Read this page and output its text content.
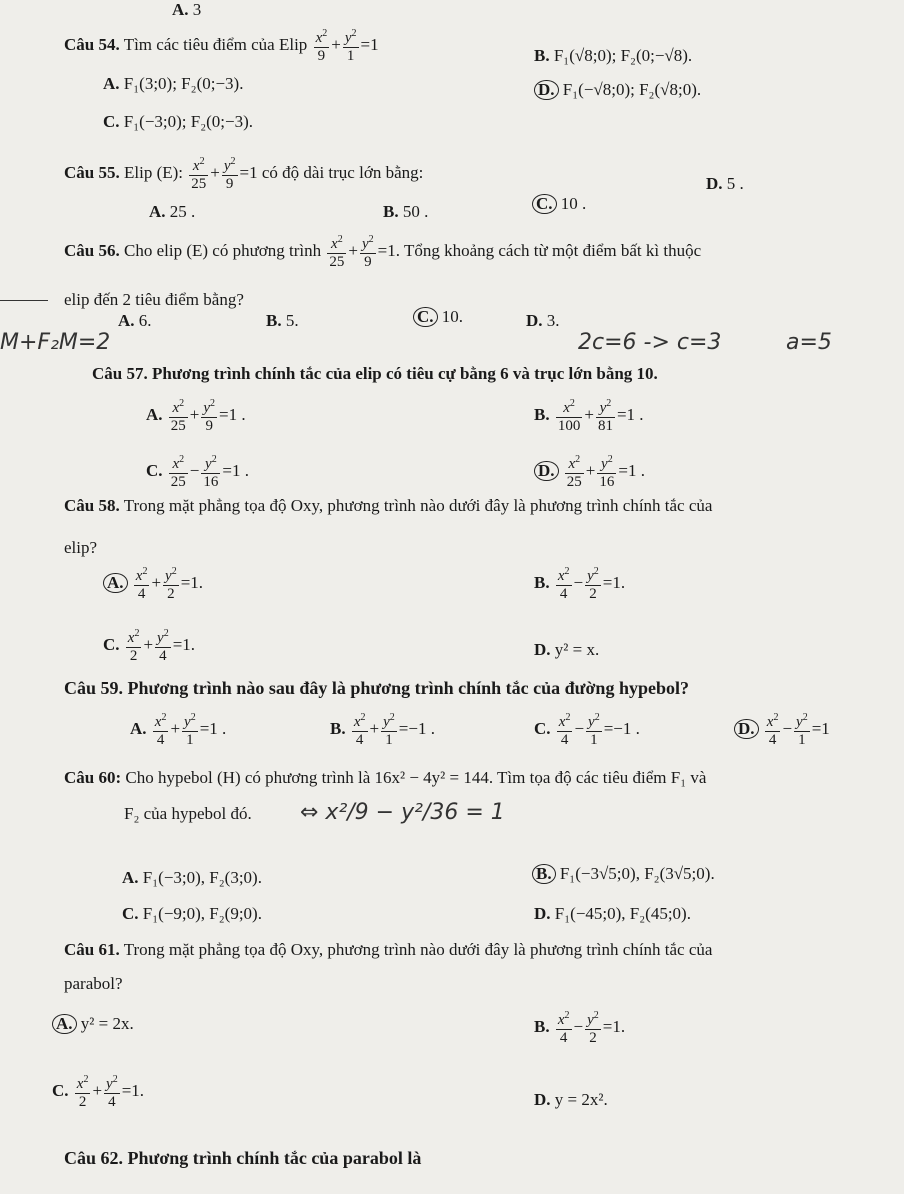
A. 3
Câu 54. Tìm các tiêu điểm của Elip $\frac{x^2}{9} + \frac{y^2}{1} =1$
B. F₁(√8;0); F₂(0;−√8).
A. F₁(3;0); F₂(0;−3).	D. F₁(−√8;0); F₂(√8;0).
C. F₁(−3;0); F₂(0;−3).
Câu 55. Elip (E): $\frac{x^2}{25} + \frac{y^2}{9} =1$ có độ dài trục lớn bằng:
D. 5 .
A. 25 .	B. 50 .	C. 10 .
Câu 56. Cho elip (E) có phương trình $\frac{x^2}{25} + \frac{y^2}{9} =1$. Tổng khoảng cách từ một điểm bất kì thuộc
elip đến 2 tiêu điểm bằng?
A. 6.	B. 5.	C. 10.	D. 3.
M+F₂M=2	2c=6 -> c=3	a=5
Câu 57. Phương trình chính tắc của elip có tiêu cự bằng 6 và trục lớn bằng 10.
A. $\frac{x^2}{25} + \frac{y^2}{9} =1$ .	B. $\frac{x^2}{100} + \frac{y^2}{81} =1$ .
C. $\frac{x^2}{25} - \frac{y^2}{16} =1$ .	D. $\frac{x^2}{25} + \frac{y^2}{16} =1$ .
Câu 58. Trong mặt phẳng tọa độ Oxy, phương trình nào dưới đây là phương trình chính tắc của
elip?
A. $\frac{x^2}{4} + \frac{y^2}{2} =1$.	B. $\frac{x^2}{4} - \frac{y^2}{2} =1$.
C. $\frac{x^2}{2} + \frac{y^2}{4} =1$.	D. y² = x.
Câu 59. Phương trình nào sau đây là phương trình chính tắc của đường hypebol?
A. $\frac{x^2}{4} + \frac{y^2}{1} =1$ .	B. $\frac{x^2}{4} + \frac{y^2}{1} =-1$ .	C. $\frac{x^2}{4} - \frac{y^2}{1} =-1$ .	D. $\frac{x^2}{4} - \frac{y^2}{1} =1$
Câu 60: Cho hypebol (H) có phương trình là 16x² − 4y² = 144. Tìm tọa độ các tiêu điểm F₁ và
F₂ của hypebol đó. ⇔ x²/9 − y²/36 = 1
A. F₁(−3;0), F₂(3;0).	B. F₁(−3√5;0), F₂(3√5;0).
C. F₁(−9;0), F₂(9;0).	D. F₁(−45;0), F₂(45;0).
Câu 61. Trong mặt phẳng tọa độ Oxy, phương trình nào dưới đây là phương trình chính tắc của
parabol?
A. y² = 2x.	B. $\frac{x^2}{4} - \frac{y^2}{2} =1$.
C. $\frac{x^2}{2} + \frac{y^2}{4} =1$.	D. y = 2x².
Câu 62. Phương trình chính tắc của parabol là
